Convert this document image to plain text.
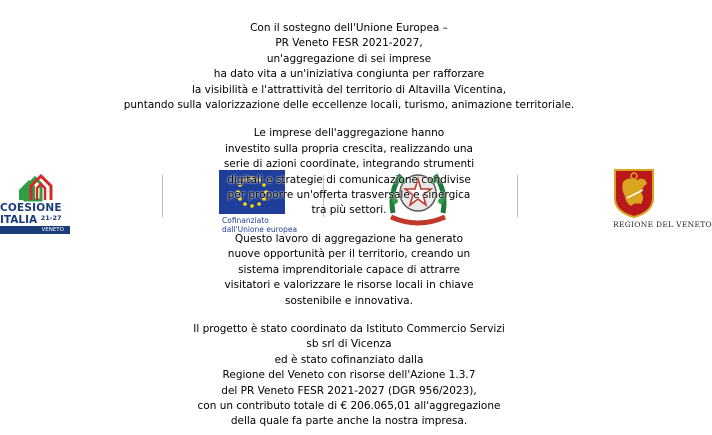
COESIONE
ITALIA $^{21-27}$
VENETO
Cofinanziato
dall'Unione europea
REGIONE DEL VENETO
Con il sostegno dell'Unione Europea –
PR Veneto FESR 2021-2027,
un'aggregazione di sei imprese
ha dato vita a un'iniziativa congiunta per rafforzare
la visibilità e l'attrattività del territorio di Altavilla Vicentina,
puntando sulla valorizzazione delle eccellenze locali, turismo, animazione territoriale.
Le imprese dell'aggregazione hanno
investito sulla propria crescita, realizzando una
serie di azioni coordinate, integrando strumenti
digitali e strategie di comunicazione condivise
per proporre un'offerta trasversale e sinergica
tra più settori.
Questo lavoro di aggregazione ha generato
nuove opportunità per il territorio, creando un
sistema imprenditoriale capace di attrarre
visitatori e valorizzare le risorse locali in chiave
sostenibile e innovativa.
Il progetto è stato coordinato da Istituto Commercio Servizi
sb srl di Vicenza
ed è stato cofinanziato dalla
Regione del Veneto con risorse dell'Azione 1.3.7
del PR Veneto FESR 2021-2027 (DGR 956/2023),
con un contributo totale di € 206.065,01 all'aggregazione
della quale fa parte anche la nostra impresa.
